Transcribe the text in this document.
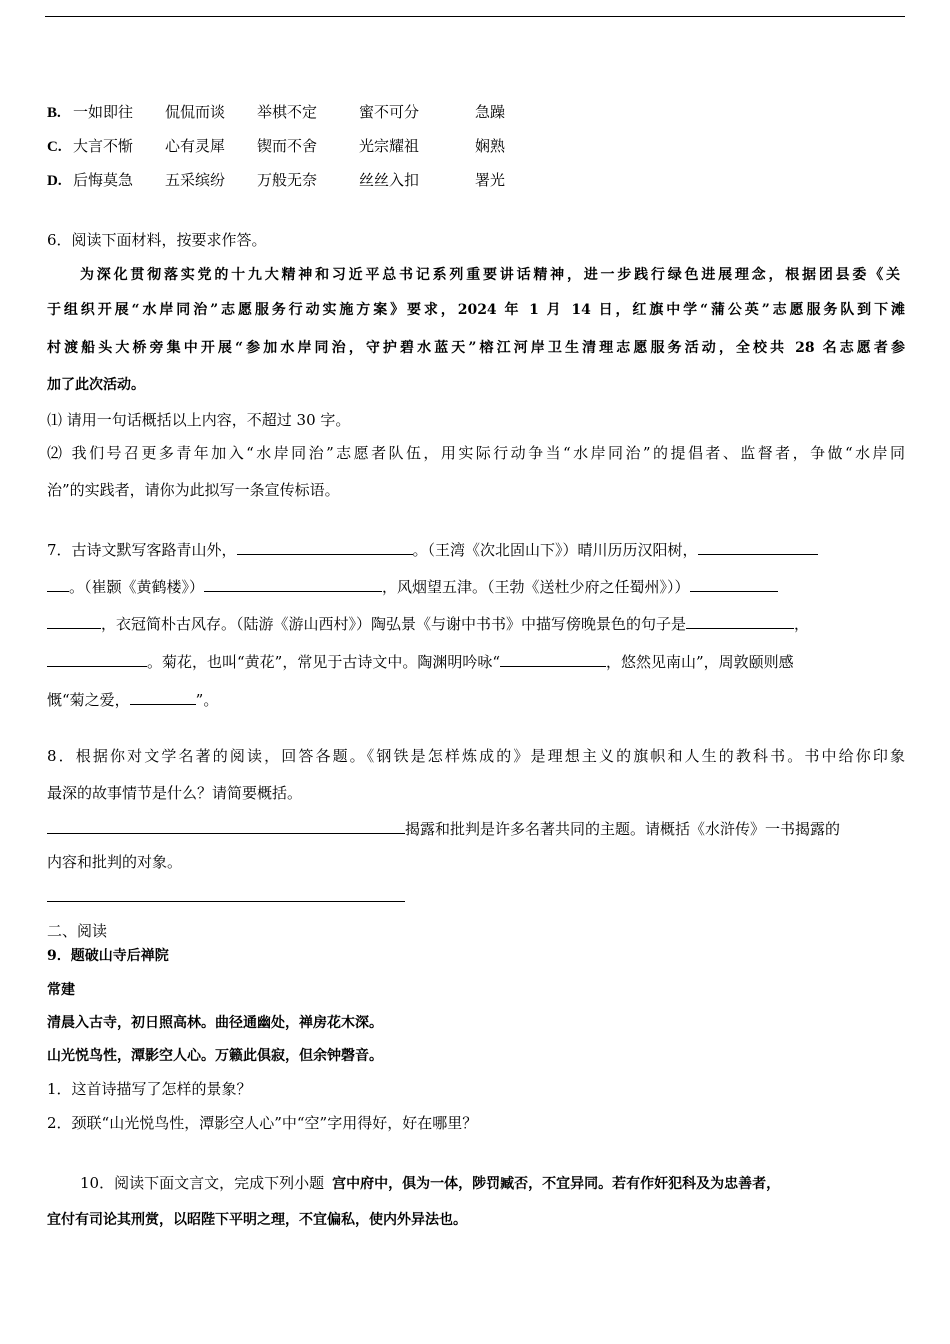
B. 一如即往 侃侃而谈 举棋不定	蜜不可分	急躁
C. 大言不惭 心有灵犀 锲而不舍	光宗耀祖	娴熟
D. 后悔莫急 五采缤纷 万般无奈	丝丝入扣	署光
6．阅读下面材料，按要求作答。
为深化贯彻落实党的十九大精神和习近平总书记系列重要讲话精神，进一步践行绿色进展理念，根据团县委《关
于组织开展“水岸同治”志愿服务行动实施方案》要求，2024 年 1 月 14 日，红旗中学“蒲公英”志愿服务队到下滩
村渡船头大桥旁集中开展“参加水岸同治，守护碧水蓝天”榕江河岸卫生清理志愿服务活动，全校共 28 名志愿者参
加了此次活动。
⑴ 请用一句话概括以上内容，不超过 30 字。
⑵ 我们号召更多青年加入“水岸同治”志愿者队伍，用实际行动争当“水岸同治”的提倡者、监督者，争做“水岸同
治”的实践者，请你为此拟写一条宣传标语。
7．古诗文默写客路青山外，	。（王湾《次北固山下》）晴川历历汉阳树，
。（崔颢《黄鹤楼》）	，风烟望五津。（王勃《送杜少府之任蜀州》））
，衣冠简朴古风存。（陆游《游山西村》）陶弘景《与谢中书书》中描写傍晚景色的句子是	，
。菊花，也叫“黄花”，常见于古诗文中。陶渊明吟咏“	，悠然见南山”，周敦颐则感
慨“菊之爱，	”。
8．根据你对文学名著的阅读，回答各题。《钢铁是怎样炼成的》是理想主义的旗帜和人生的教科书。书中给你印象
最深的故事情节是什么？请简要概括。
揭露和批判是许多名著共同的主题。请概括《水浒传》一书揭露的
内容和批判的对象。
二、阅读
9．题破山寺后禅院
常建
清晨入古寺，初日照高林。曲径通幽处，禅房花木深。
山光悦鸟性，潭影空人心。万籁此俱寂，但余钟磬音。
1．这首诗描写了怎样的景象？
2．颈联“山光悦鸟性，潭影空人心”中“空”字用得好，好在哪里？
10．阅读下面文言文，完成下列小题 宫中府中，俱为一体，陟罚臧否，不宜异同。若有作奸犯科及为忠善者，
宜付有司论其刑赏，以昭陛下平明之理，不宜偏私，使内外异法也。
